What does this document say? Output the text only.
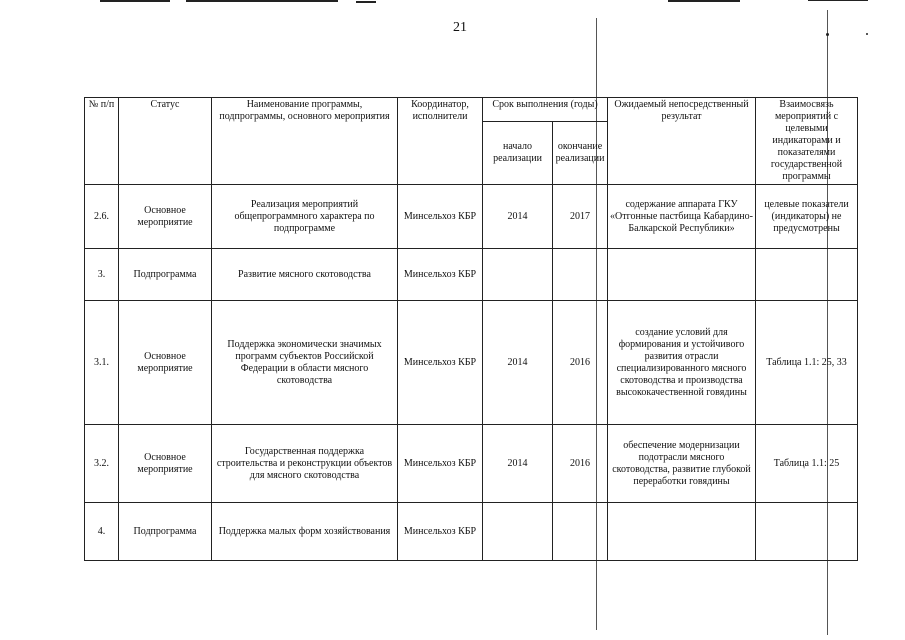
21
№ п/п	Статус	Наименование программы, подпрограммы, основного мероприятия	Координатор, исполнители	Срок выполнения (годы)		Ожидаемый непосредственный результат	Взаимосвязь мероприятий с целевыми индикаторами и показателями государственной программы
				начало реализации	окончание реализации		
2.6.	Основное мероприятие	Реализация мероприятий общепрограммного характера по подпрограмме	Минсельхоз КБР	2014	2017	содержание аппарата ГКУ «Отгонные пастбища Кабардино-Балкарской Республики»	целевые показатели (индикаторы) не предусмотрены
3.	Подпрограмма	Развитие мясного скотоводства	Минсельхоз КБР				
3.1.	Основное мероприятие	Поддержка экономически значимых программ субъектов Российской Федерации в области мясного скотоводства	Минсельхоз КБР	2014	2016	создание условий для формирования и устойчивого развития отрасли специализированного мясного скотоводства и производства высококачественной говядины	Таблица 1.1: 25, 33
3.2.	Основное мероприятие	Государственная поддержка строительства и реконструкции объектов для мясного скотоводства	Минсельхоз КБР	2014	2016	обеспечение модернизации подотрасли мясного скотоводства, развитие глубокой переработки говядины	Таблица 1.1: 25
4.	Подпрограмма	Поддержка малых форм хозяйствования	Минсельхоз КБР				
